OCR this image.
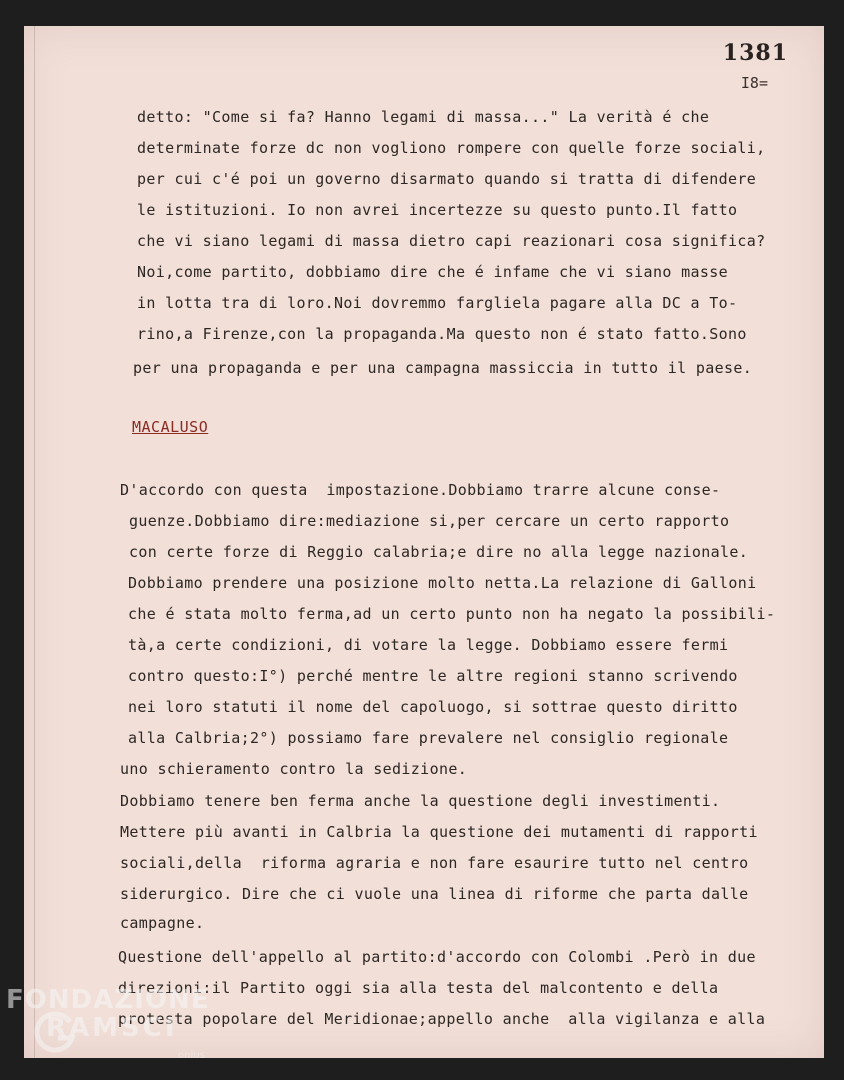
1381
I8=
detto: "Come si fa? Hanno legami di massa..." La verità é che
determinate forze dc non vogliono rompere con quelle forze sociali,
per cui c'é poi un governo disarmato quando si tratta di difendere
le istituzioni. Io non avrei incertezze su questo punto.Il fatto
che vi siano legami di massa dietro capi reazionari cosa significa?
Noi,come partito, dobbiamo dire che é infame che vi siano masse
in lotta tra di loro.Noi dovremmo fargliela pagare alla DC a To-
rino,a Firenze,con la propaganda.Ma questo non é stato fatto.Sono
per una propaganda e per una campagna massiccia in tutto il paese.
MACALUSO
D'accordo con questa  impostazione.Dobbiamo trarre alcune conse-
guenze.Dobbiamo dire:mediazione si,per cercare un certo rapporto
con certe forze di Reggio calabria;e dire no alla legge nazionale.
Dobbiamo prendere una posizione molto netta.La relazione di Galloni
che é stata molto ferma,ad un certo punto non ha negato la possibili-
tà,a certe condizioni, di votare la legge. Dobbiamo essere fermi
contro questo:I°) perché mentre le altre regioni stanno scrivendo
nei loro statuti il nome del capoluogo, si sottrae questo diritto
alla Calbria;2°) possiamo fare prevalere nel consiglio regionale
uno schieramento contro la sedizione.
Dobbiamo tenere ben ferma anche la questione degli investimenti.
Mettere più avanti in Calbria la questione dei mutamenti di rapporti
sociali,della  riforma agraria e non fare esaurire tutto nel centro
siderurgico. Dire che ci vuole una linea di riforme che parta dalle
campagne.
Questione dell'appello al partito:d'accordo con Colombi .Però in due
direzioni:il Partito oggi sia alla testa del malcontento e della
protesta popolare del Meridionae;appello anche  alla vigilanza e alla
FONDAZIONE
RAMSCI
onlus
